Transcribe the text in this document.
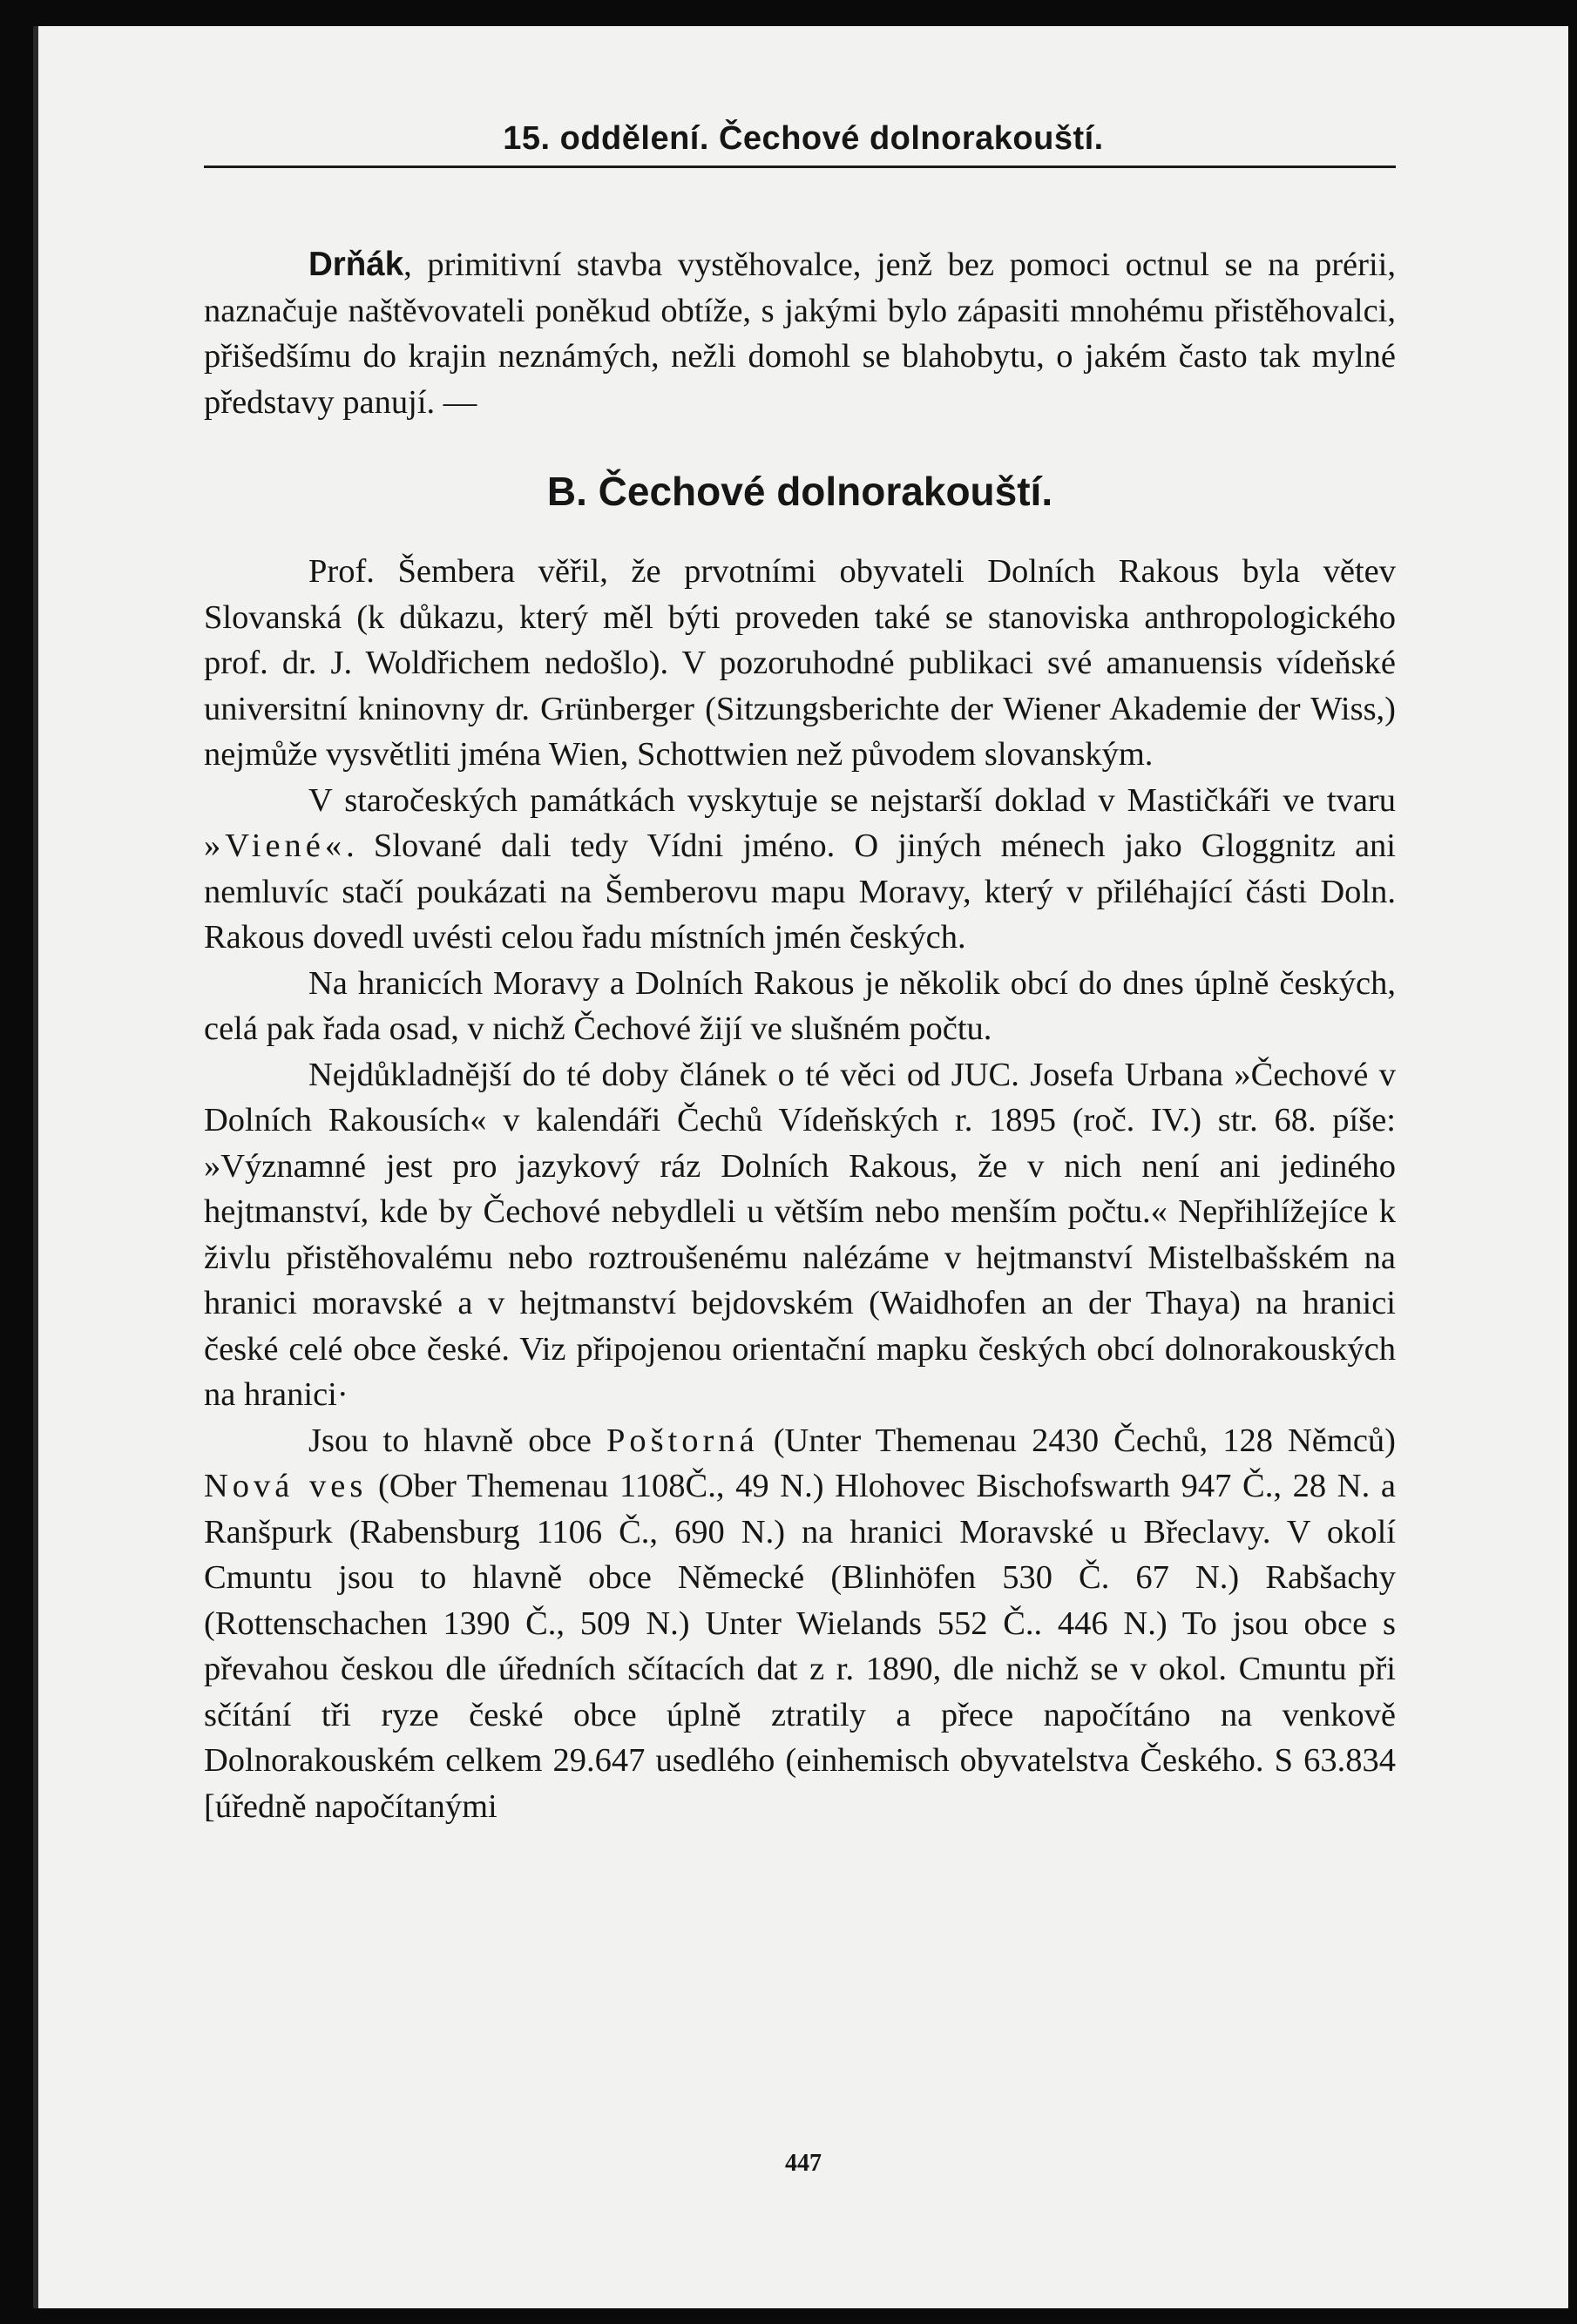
15. oddělení. Čechové dolnorakouští.

Drňák, primitivní stavba vystěhovalce, jenž bez pomoci octnul se na prérii, naznačuje naštěvovateli poněkud obtíže, s jakými bylo zápasiti mnohému přistěhovalci, přišedšímu do krajin neznámých, nežli domohl se blahobytu, o jakém často tak mylné představy panují. —

B. Čechové dolnorakouští.

Prof. Šembera věřil, že prvotními obyvateli Dolních Rakous byla větev Slovanská (k důkazu, který měl býti proveden také se stanoviska anthropologického prof. dr. J. Woldřichem nedošlo). V pozoruhodné publikaci své amanuensis vídeňské universitní kninovny dr. Grünberger (Sitzungsberichte der Wiener Akademie der Wiss,) nejmůže vysvětliti jména Wien, Schottwien než původem slovanským.

V staročeských památkách vyskytuje se nejstarší doklad v Mastičkáři ve tvaru »Viené«. Slované dali tedy Vídni jméno. O jiných ménech jako Gloggnitz ani nemluvíc stačí poukázati na Šemberovu mapu Moravy, který v přiléhající části Doln. Rakous dovedl uvésti celou řadu místních jmén českých.

Na hranicích Moravy a Dolních Rakous je několik obcí do dnes úplně českých, celá pak řada osad, v nichž Čechové žijí ve slušném počtu.

Nejdůkladnější do té doby článek o té věci od JUC. Josefa Urbana »Čechové v Dolních Rakousích« v kalendáři Čechů Vídeňských r. 1895 (roč. IV.) str. 68. píše: »Významné jest pro jazykový ráz Dolních Rakous, že v nich není ani jediného hejtmanství, kde by Čechové nebydleli u větším nebo menším počtu.« Nepřihlížejíce k živlu přistěhovalému nebo roztroušenému nalézáme v hejtmanství Mistelbašském na hranici moravské a v hejtmanství bejdovském (Waidhofen an der Thaya) na hranici české celé obce české. Viz připojenou orientační mapku českých obcí dolnorakouských na hranici·

Jsou to hlavně obce Poštorná (Unter Themenau 2430 Čechů, 128 Němců) Nová ves (Ober Themenau 1108Č., 49 N.) Hlohovec Bischofswarth 947 Č., 28 N. a Ranšpurk (Rabensburg 1106 Č., 690 N.) na hranici Moravské u Břeclavy. V okolí Cmuntu jsou to hlavně obce Německé (Blinhöfen 530 Č. 67 N.) Rabšachy (Rottenschachen 1390 Č., 509 N.) Unter Wielands 552 Č.. 446 N.) To jsou obce s převahou českou dle úředních sčítacích dat z r. 1890, dle nichž se v okol. Cmuntu při sčítání tři ryze české obce úplně ztratily a přece napočítáno na venkově Dolnorakouském celkem 29.647 usedlého (einhemisch obyvatelstva Českého. S 63.834 [úředně napočítanými

447
